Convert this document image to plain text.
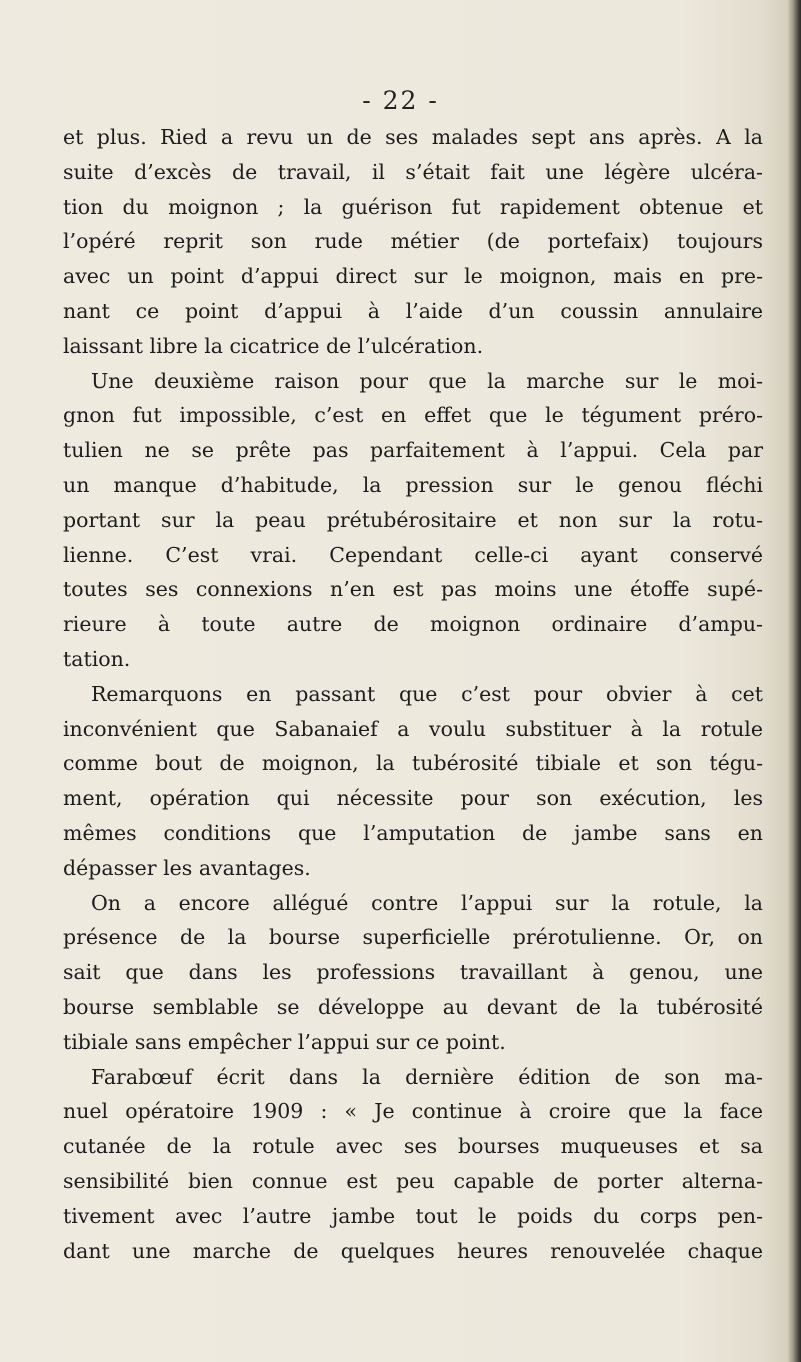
- 22 -
et plus. Ried a revu un de ses malades sept ans après. A la
suite d’excès de travail, il s’était fait une légère ulcéra-
tion du moignon ; la guérison fut rapidement obtenue et
l’opéré reprit son rude métier (de portefaix) toujours
avec un point d’appui direct sur le moignon, mais en pre-
nant ce point d’appui à l’aide d’un coussin annulaire
laissant libre la cicatrice de l’ulcération.
Une deuxième raison pour que la marche sur le moi-
gnon fut impossible, c’est en effet que le tégument préro-
tulien ne se prête pas parfaitement à l’appui. Cela par
un manque d’habitude, la pression sur le genou fléchi
portant sur la peau prétubérositaire et non sur la rotu-
lienne. C’est vrai. Cependant celle-ci ayant conservé
toutes ses connexions n’en est pas moins une étoffe supé-
rieure à toute autre de moignon ordinaire d’ampu-
tation.
Remarquons en passant que c’est pour obvier à cet
inconvénient que Sabanaief a voulu substituer à la rotule
comme bout de moignon, la tubérosité tibiale et son tégu-
ment, opération qui nécessite pour son exécution, les
mêmes conditions que l’amputation de jambe sans en
dépasser les avantages.
On a encore allégué contre l’appui sur la rotule, la
présence de la bourse superficielle prérotulienne. Or, on
sait que dans les professions travaillant à genou, une
bourse semblable se développe au devant de la tubérosité
tibiale sans empêcher l’appui sur ce point.
Farabœuf écrit dans la dernière édition de son ma-
nuel opératoire 1909 : « Je continue à croire que la face
cutanée de la rotule avec ses bourses muqueuses et sa
sensibilité bien connue est peu capable de porter alterna-
tivement avec l’autre jambe tout le poids du corps pen-
dant une marche de quelques heures renouvelée chaque
